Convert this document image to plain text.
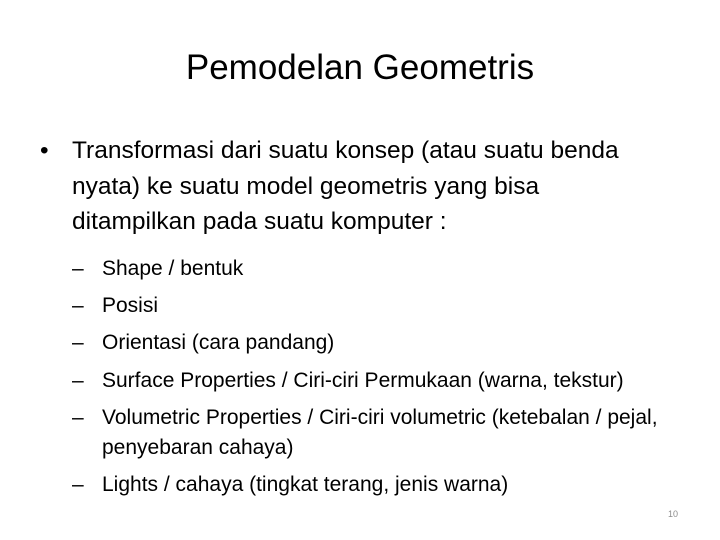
Pemodelan Geometris
• Transformasi dari suatu konsep (atau suatu benda nyata) ke suatu model geometris yang bisa ditampilkan pada suatu komputer :
– Shape / bentuk
– Posisi
– Orientasi (cara pandang)
– Surface Properties / Ciri-ciri Permukaan (warna, tekstur)
– Volumetric Properties / Ciri-ciri volumetric (ketebalan / pejal, penyebaran cahaya)
– Lights / cahaya (tingkat terang, jenis warna)
10
